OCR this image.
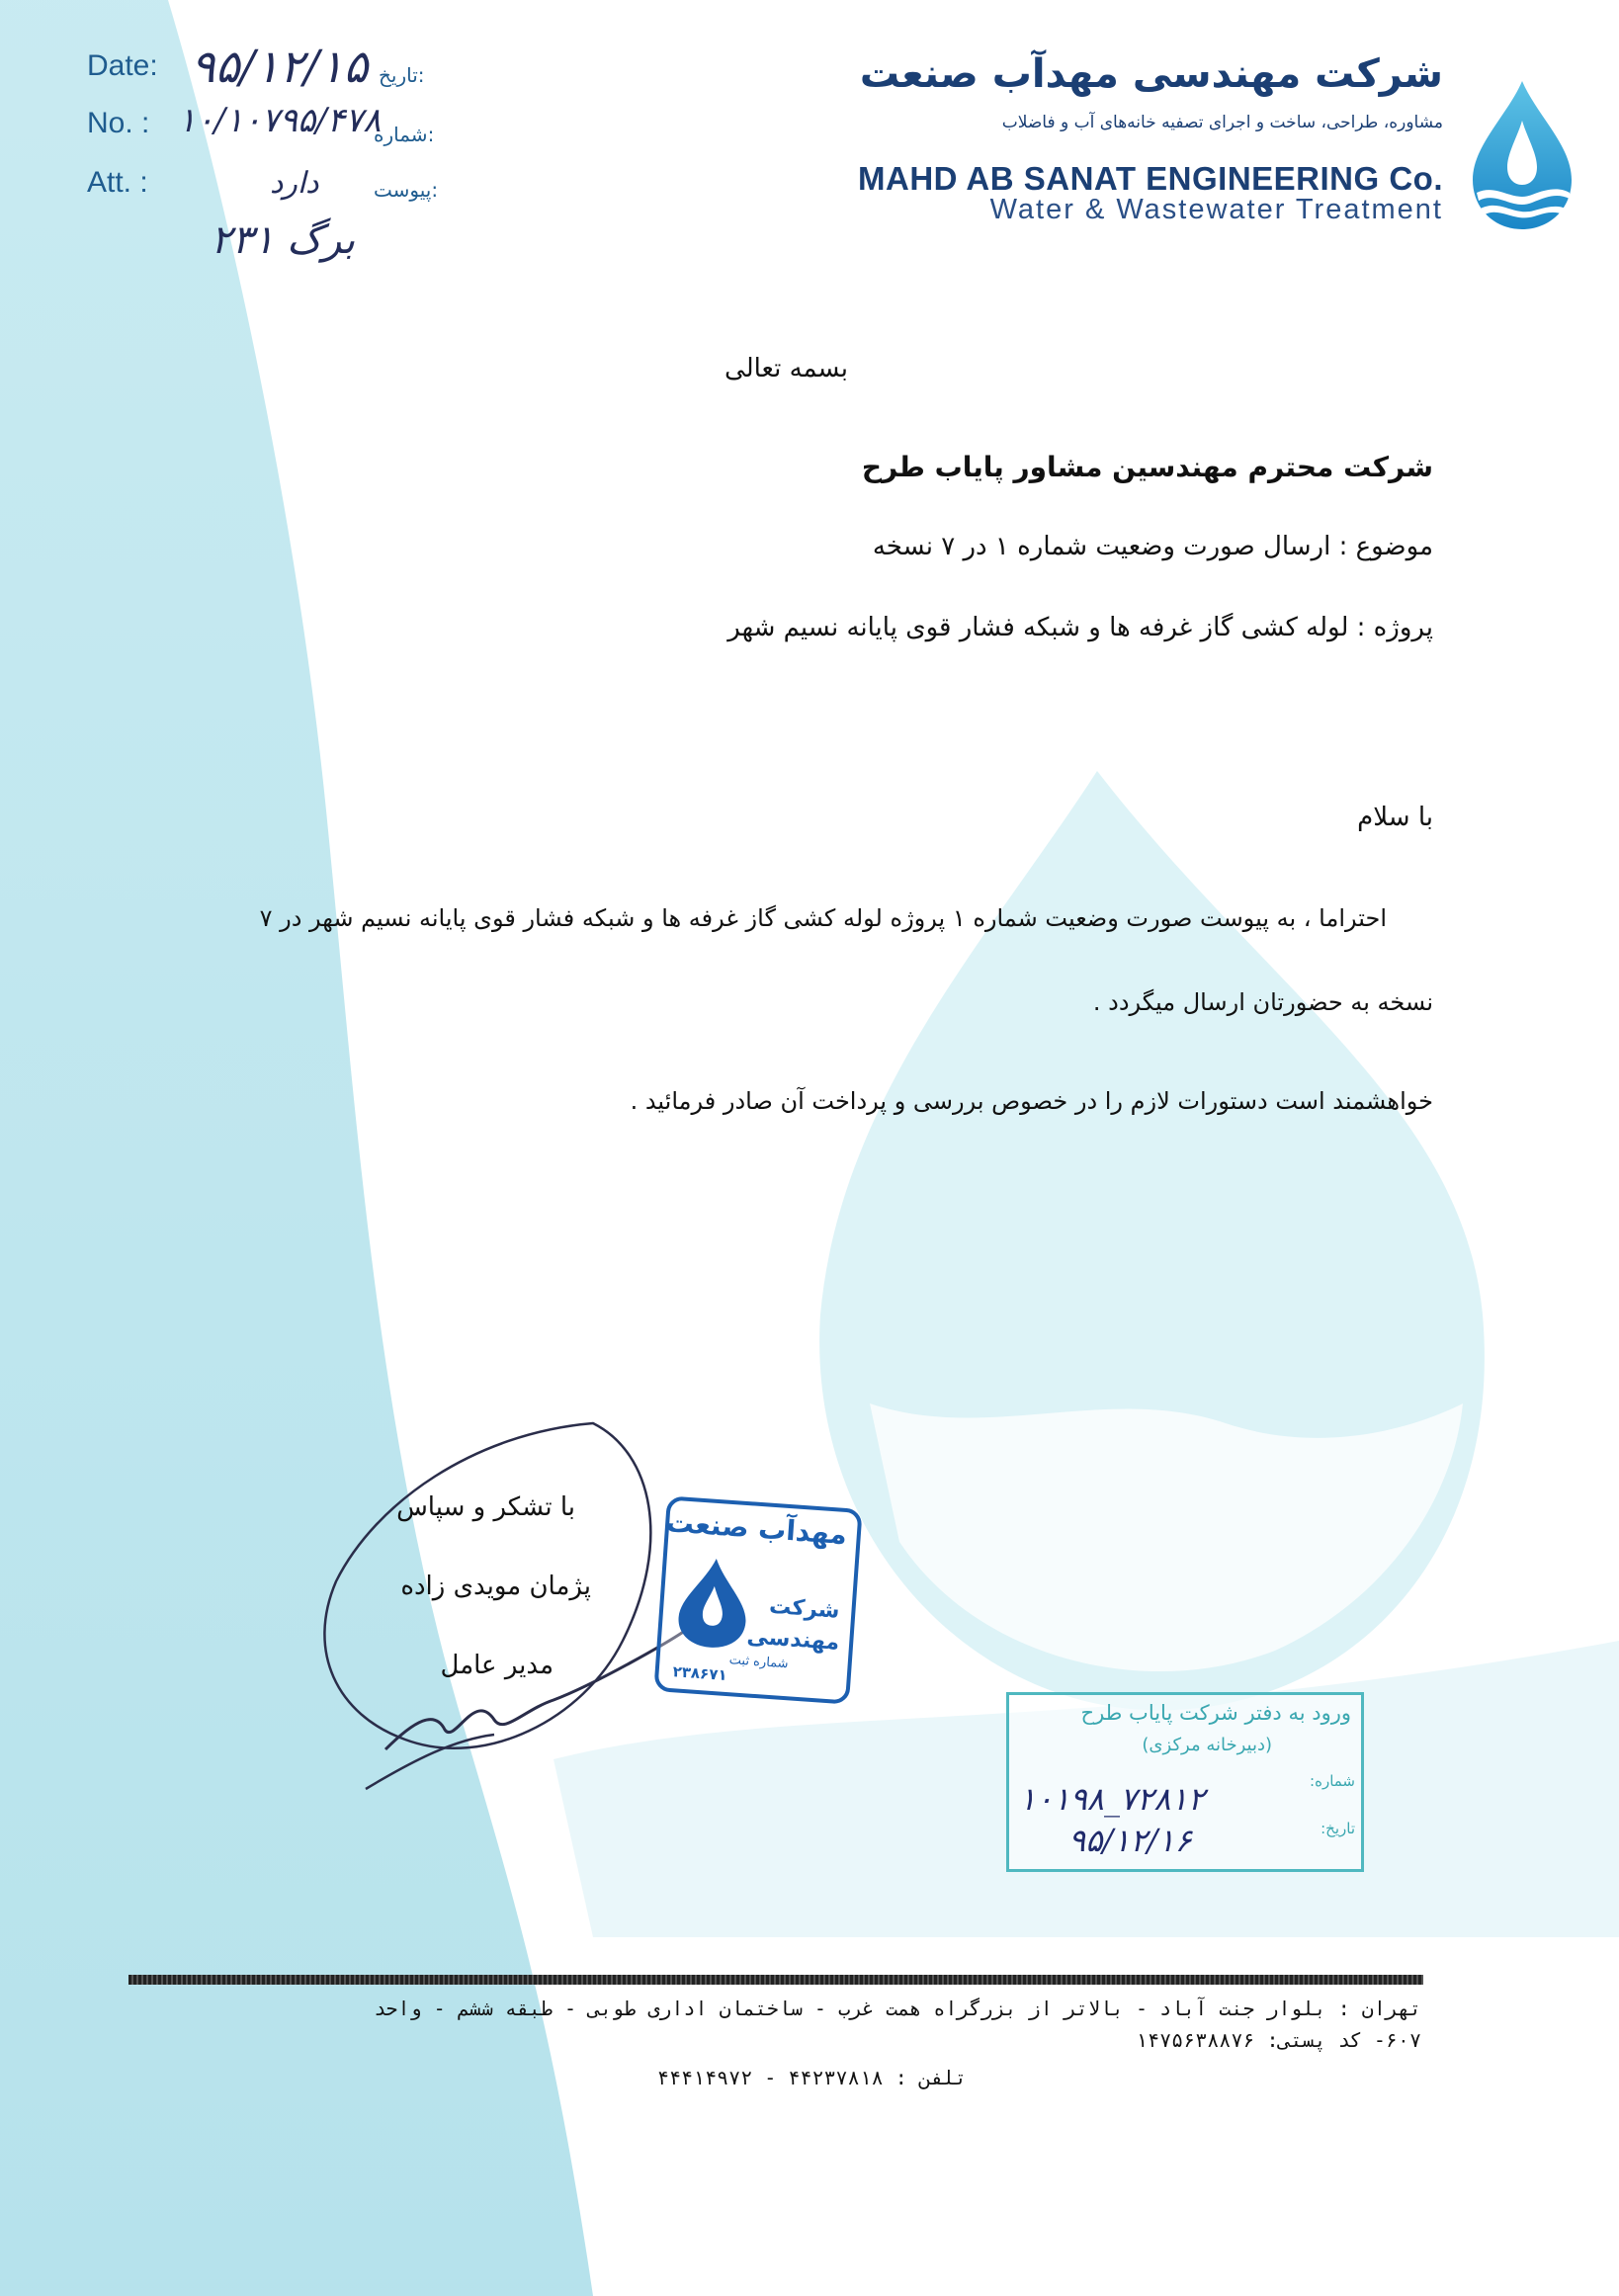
Date: ۹۵/۱۲/۱۵ تاریخ:
No. : ۱۰/۱۰۷۹۵/۴۷۸
شماره:
Att. :	دارد	پیوست:
۲۳۱ برگ
شرکت مهندسی مهدآب صنعت
مشاوره، طراحی، ساخت و اجرای تصفیه خانه‌های آب و فاضلاب
MAHD AB SANAT ENGINEERING Co.
Water & Wastewater Treatment
بسمه تعالی
شرکت محترم مهندسین مشاور پایاب طرح
موضوع : ارسال صورت وضعیت شماره ۱ در ۷ نسخه
پروژه : لوله کشی گاز غرفه ها و شبکه فشار قوی پایانه نسیم شهر
با سلام
احتراما ، به پیوست صورت وضعیت شماره ۱ پروژه لوله کشی گاز غرفه ها و شبکه فشار قوی پایانه نسیم شهر در ۷
نسخه به حضورتان ارسال میگردد .
خواهشمند است دستورات لازم را در خصوص بررسی و پرداخت آن صادر فرمائید .
با تشکر و سپاس
پژمان مویدی زاده
مدیر عامل
مهدآب صنعت
شرکت
مهندسی
شماره ثبت
۲۳۸۶۷۱
ورود به دفتر شرکت پایاب طرح
(دبیرخانه مرکزی)
شماره:
۱۰۱۹۸_۷۲۸۱۲
تاریخ:
۹۵/۱۲/۱۶
تهران : بلوار جنت آباد - بالاتر از بزرگراه همت غرب - ساختمان اداری طوبی - طبقه ششم - واحد
۶۰۷- کد پستی: ۱۴۷۵۶۳۸۸۷۶
تلفن : ۴۴۲۳۷۸۱۸ - ۴۴۴۱۴۹۷۲
